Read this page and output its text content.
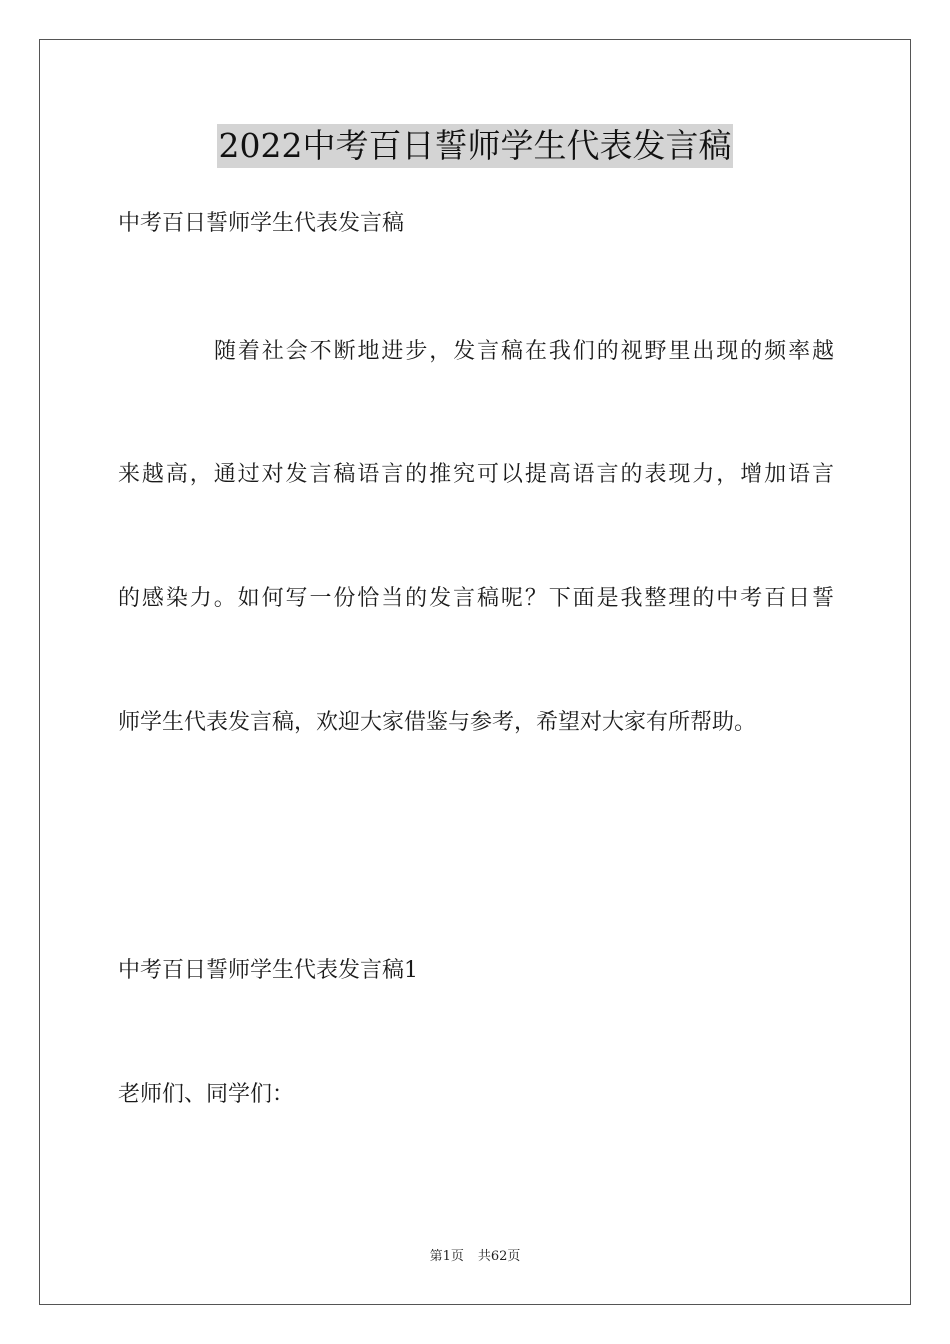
2022中考百日誓师学生代表发言稿
中考百日誓师学生代表发言稿
随着社会不断地进步，发言稿在我们的视野里出现的频率越
来越高，通过对发言稿语言的推究可以提高语言的表现力，增加语言
的感染力。如何写一份恰当的发言稿呢？下面是我整理的中考百日誓
师学生代表发言稿，欢迎大家借鉴与参考，希望对大家有所帮助。
中考百日誓师学生代表发言稿1
老师们、同学们：
第1页 共62页
